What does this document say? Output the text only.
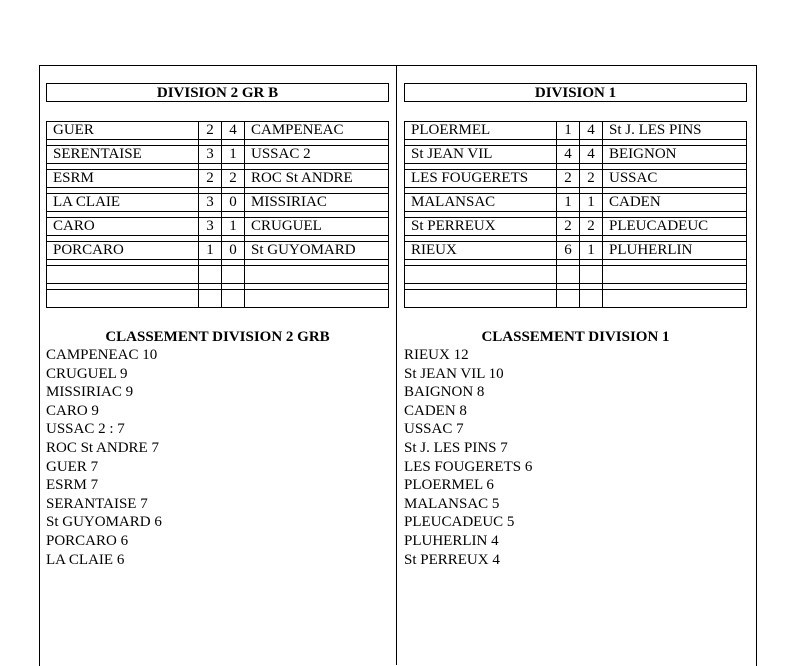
DIVISION 2 GR B
GUER	2	4	CAMPENEAC

SERENTAISE	3	1	USSAC 2

ESRM	2	2	ROC St ANDRE

LA CLAIE	3	0	MISSIRIAC

CARO	3	1	CRUGUEL

PORCARO	1	0	St GUYOMARD

CLASSEMENT DIVISION 2 GRB
CAMPENEAC 10
CRUGUEL 9
MISSIRIAC 9
CARO 9
USSAC 2 : 7
ROC St ANDRE 7
GUER 7
ESRM 7
SERANTAISE 7
St GUYOMARD 6
PORCARO 6
LA CLAIE 6
DIVISION 1
PLOERMEL	1	4	St J. LES PINS

St JEAN VIL	4	4	BEIGNON

LES FOUGERETS	2	2	USSAC

MALANSAC	1	1	CADEN

St PERREUX	2	2	PLEUCADEUC

RIEUX	6	1	PLUHERLIN

CLASSEMENT DIVISION 1
RIEUX 12
St JEAN VIL 10
BAIGNON 8
CADEN 8
USSAC 7
St J. LES PINS 7
LES FOUGERETS 6
PLOERMEL 6
MALANSAC 5
PLEUCADEUC 5
PLUHERLIN 4
St PERREUX 4
